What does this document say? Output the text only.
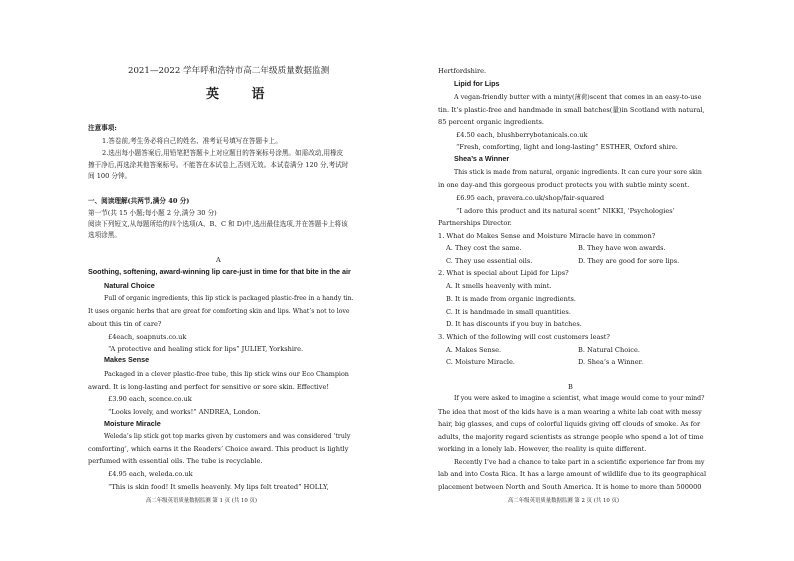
2021—2022 学年呼和浩特市高二年级质量数据监测
英 语
注意事项:
1.答卷前,考生务必将自己的姓名、准考证号填写在答题卡上。
2.选出每小题答案后,用铅笔把答题卡上对应题目的答案标号涂黑。如需改动,用橡皮
擦干净后,再选涂其他答案标号。不能答在本试卷上,否则无效。本试卷满分 120 分,考试时
间 100 分钟。
一、阅读理解(共两节,满分 40 分)
第一节(共 15 小题;每小题 2 分,满分 30 分)
阅读下列短文,从每题所给的四个选项(A、B、C 和 D)中,选出最佳选项,并在答题卡上将该
选项涂黑。
A
Soothing, softening, award-winning lip care-just in time for that bite in the air
Natural Choice
Full of organic ingredients, this lip stick is packaged plastic-free in a handy tin.
It uses organic herbs that are great for comforting skin and lips. What’s not to love
about this tin of care?
£4each, soapnuts.co.uk
“A protective and healing stick for lips” JULIET, Yorkshire.
Makes Sense
Packaged in a clever plastic-free tube, this lip stick wins our Eco Champion
award. It is long-lasting and perfect for sensitive or sore skin. Effective!
£3.90 each, scence.co.uk
“Looks lovely, and works!” ANDREA, London.
Moisture Miracle
Weleda’s lip stick got top marks given by customers and was considered ‘truly
comforting’, which earns it the Readers’ Choice award. This product is lightly
perfumed with essential oils. The tube is recyclable.
£4.95 each, weleda.co.uk
“This is skin food! It smells heavenly. My lips felt treated” HOLLY,
高二年级英语质量数据监测 第 1 页 (共 10 页)
Hertfordshire.
Lipid for Lips
A vegan-friendly butter with a minty(薄荷)scent that comes in an easy-to-use
tin. It’s plastic-free and handmade in small batches(量)in Scotland with natural,
85 percent organic ingredients.
£4.50 each, blushberrybotanicals.co.uk
“Fresh, comforting, light and long-lasting” ESTHER, Oxford shire.
Shea’s a Winner
This stick is made from natural, organic ingredients. It can cure your sore skin
in one day-and this gorgeous product protects you with subtle minty scent.
£6.95 each, pravera.co.uk/shop/fair-squared
“I adore this product and its natural scent” NIKKI, ‘Psychologies’
Partnerships Director.
1. What do Makes Sense and Moisture Miracle have in common?
A. They cost the same.	B. They have won awards.
C. They use essential oils.	D. They are good for sore lips.
2. What is special about Lipid for Lips?
A. It smells heavenly with mint.
B. It is made from organic ingredients.
C. It is handmade in small quantities.
D. It has discounts if you buy in batches.
3. Which of the following will cost customers least?
A. Makes Sense.	B. Natural Choice.
C. Moisture Miracle.	D. Shea’s a Winner.
B
If you were asked to imagine a scientist, what image would come to your mind?
The idea that most of the kids have is a man wearing a white lab coat with messy
hair, big glasses, and cups of colorful liquids giving off clouds of smoke. As for
adults, the majority regard scientists as strange people who spend a lot of time
working in a lonely lab. However, the reality is quite different.
Recently I’ve had a chance to take part in a scientific experience far from my
lab and into Costa Rica. It has a large amount of wildlife due to its geographical
placement between North and South America. It is home to more than 500000
高二年级英语质量数据监测 第 2 页 (共 10 页)
